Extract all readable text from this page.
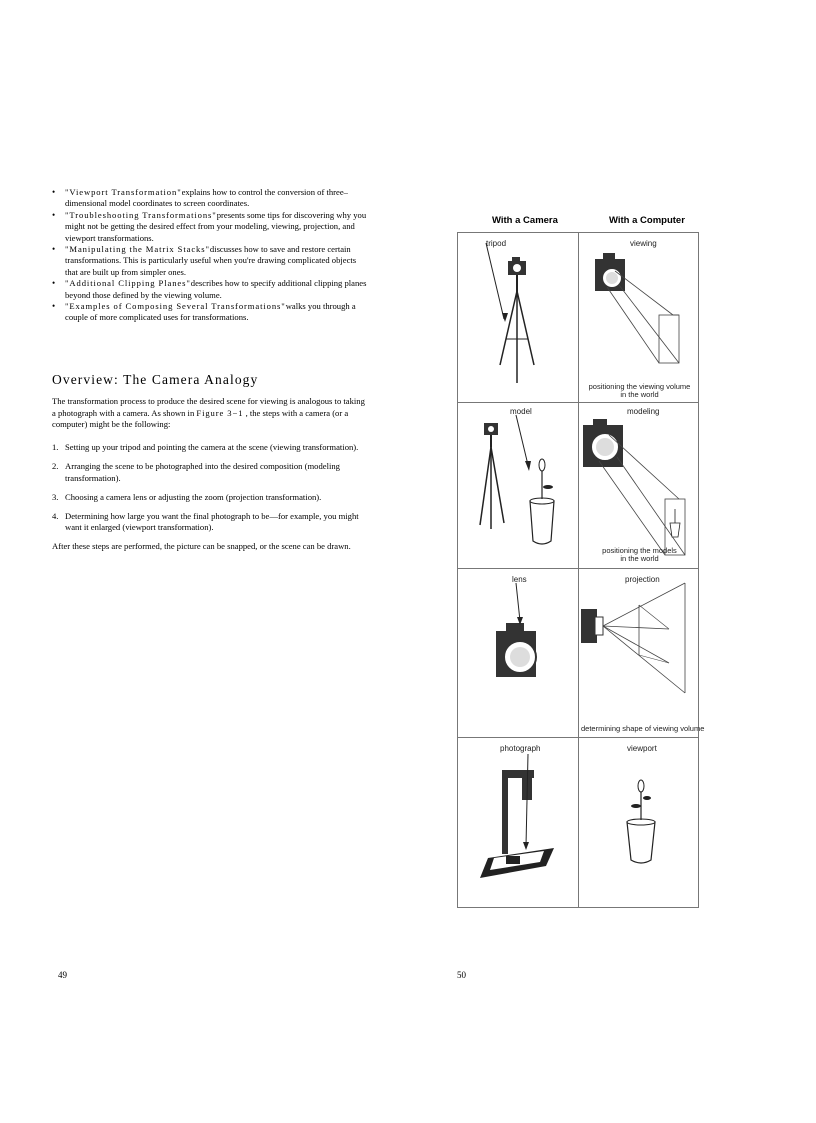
• "Viewport Transformation"explains how to control the conversion of three–dimensional model coordinates to screen coordinates.
• "Troubleshooting Transformations"presents some tips for discovering why you might not be getting the desired effect from your modeling, viewing, projection, and viewport transformations.
• "Manipulating the Matrix Stacks"discusses how to save and restore certain transformations. This is particularly useful when you're drawing complicated objects that are built up from simpler ones.
• "Additional Clipping Planes"describes how to specify additional clipping planes beyond those defined by the viewing volume.
• "Examples of Composing Several Transformations"walks you through a couple of more complicated uses for transformations.
Overview: The Camera Analogy

The transformation process to produce the desired scene for viewing is analogous to taking a photograph with a camera. As shown in Figure 3−1 , the steps with a camera (or a computer) might be the following:

1. Setting up your tripod and pointing the camera at the scene (viewing transformation).
2. Arranging the scene to be photographed into the desired composition (modeling transformation).
3. Choosing a camera lens or adjusting the zoom (projection transformation).
4. Determining how large you want the final photograph to be—for example, you might want it enlarged (viewport transformation).

After these steps are performed, the picture can be snapped, or the scene can be drawn.

49
With a Camera	With a Computer
tripod	viewing
positioning the viewing volume
in the world
model	modeling
positioning the models
in the world
lens	projection
determining shape of viewing volume
photograph	viewport
50
